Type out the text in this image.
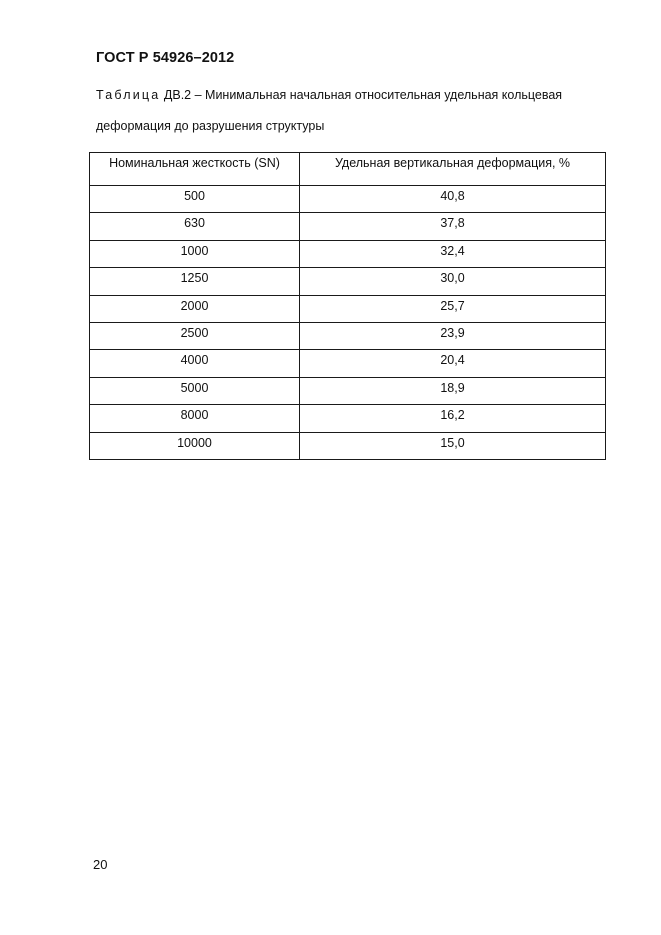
ГОСТ Р 54926–2012
Таблица ДВ.2 – Минимальная начальная относительная удельная кольцевая
деформация до разрушения структуры
Номинальная жесткость (SN)	Удельная вертикальная деформация, %
500	40,8
630	37,8
1000	32,4
1250	30,0
2000	25,7
2500	23,9
4000	20,4
5000	18,9
8000	16,2
10000	15,0
20
